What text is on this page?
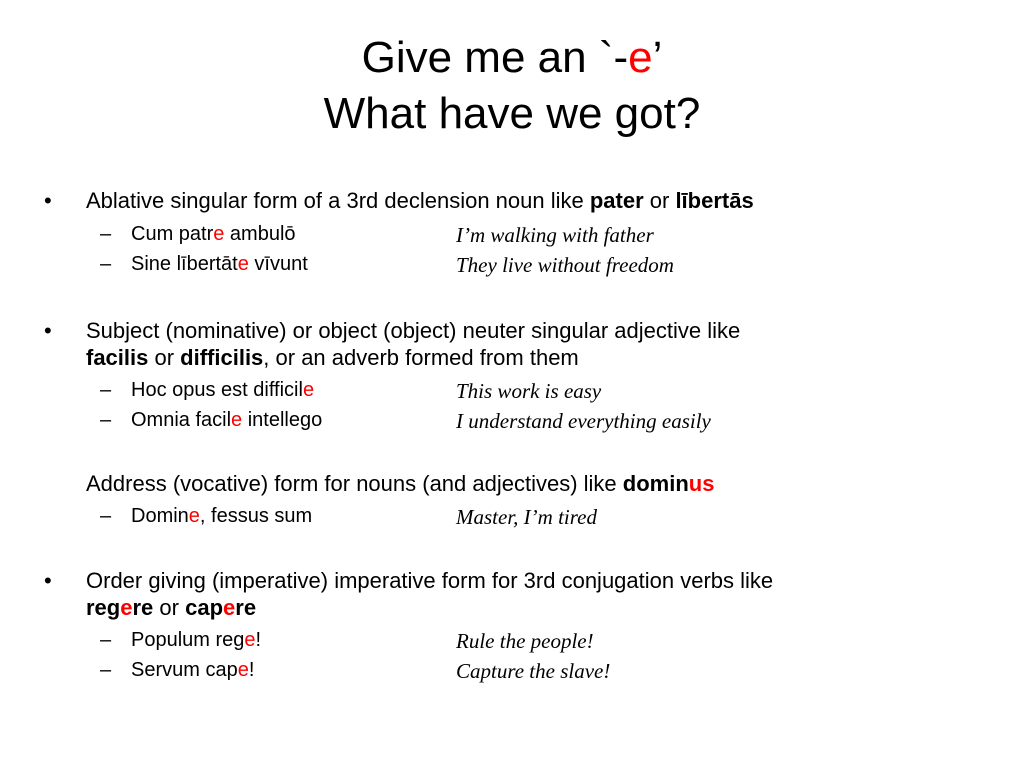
Give me an `-e’
What have we got?
• Ablative singular form of a 3rd declension noun like pater or lībertās
– Cum patre ambulō	I’m walking with father
– Sine lībertāte vīvunt	They live without freedom
• Subject (nominative) or object (object) neuter singular adjective like
facilis or difficilis, or an adverb formed from them
– Hoc opus est difficile	This work is easy
– Omnia facile intellego	I understand everything easily
Address (vocative) form for nouns (and adjectives) like dominus
– Domine, fessus sum	Master, I’m tired
• Order giving (imperative) imperative form for 3rd conjugation verbs like
regere or capere
– Populum rege!	Rule the people!
– Servum cape!	Capture the slave!
